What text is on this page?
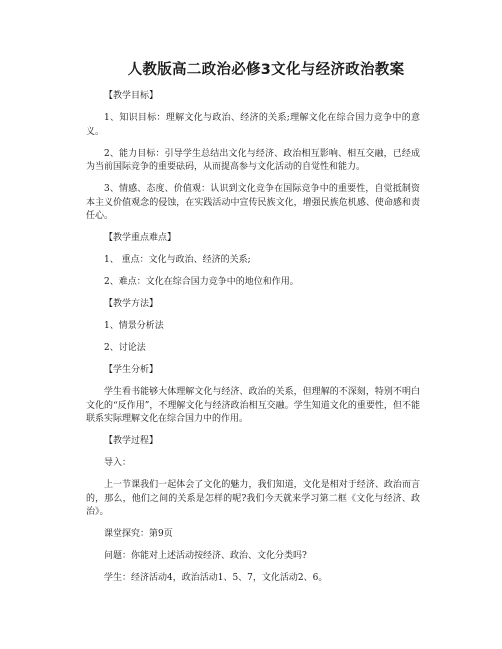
人教版高二政治必修3文化与经济政治教案

【教学目标】

1、知识目标：理解文化与政治、经济的关系;理解文化在综合国力竞争中的意义。

2、能力目标：引导学生总结出文化与经济、政治相互影响、相互交融，已经成为当前国际竞争的重要砝码，从而提高参与文化活动的自觉性和能力。

3、情感、态度、价值观：认识到文化竞争在国际竞争中的重要性，自觉抵制资本主义价值观念的侵蚀，在实践活动中宣传民族文化，增强民族危机感、使命感和责任心。

【教学重点难点】

1、 重点：文化与政治、经济的关系;

2、难点：文化在综合国力竞争中的地位和作用。

【教学方法】

1、情景分析法

2、讨论法

【学生分析】

学生看书能够大体理解文化与经济、政治的关系，但理解的不深刻，特别不明白文化的“反作用”，不理解文化与经济政治相互交融。学生知道文化的重要性，但不能联系实际理解文化在综合国力中的作用。

【教学过程】

导入：

上一节课我们一起体会了文化的魅力，我们知道，文化是相对于经济、政治而言的，那么，他们之间的关系是怎样的呢?我们今天就来学习第二框《文化与经济、政治》。

课堂探究：第9页

问题：你能对上述活动按经济、政治、文化分类吗?

学生：经济活动4，政治活动1、5、7，文化活动2、6。
